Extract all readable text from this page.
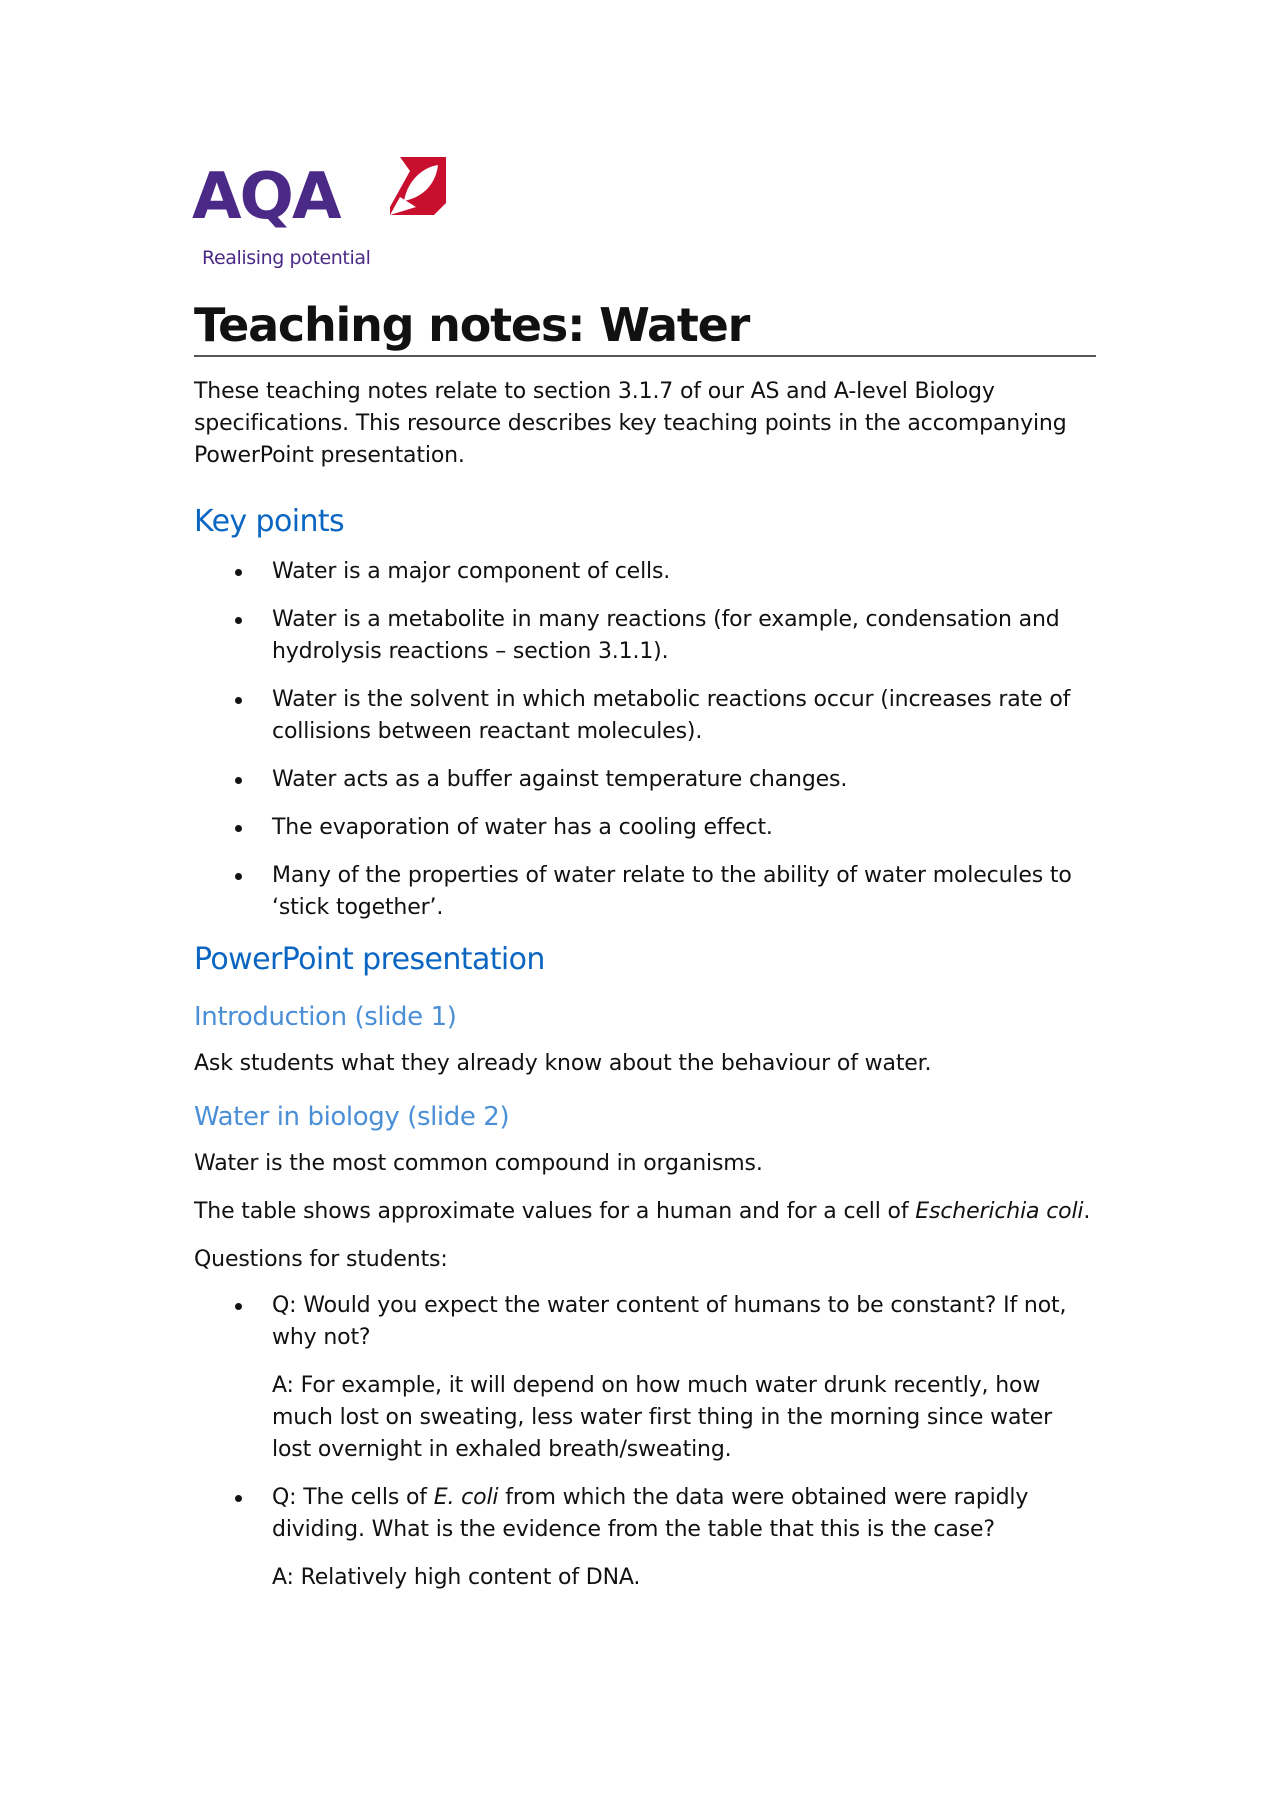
AQA
Realising potential
Teaching notes: Water

These teaching notes relate to section 3.1.7 of our AS and A-level Biology specifications. This resource describes key teaching points in the accompanying PowerPoint presentation.

Key points
Water is a major component of cells.
Water is a metabolite in many reactions (for example, condensation and hydrolysis reactions – section 3.1.1).
Water is the solvent in which metabolic reactions occur (increases rate of collisions between reactant molecules).
Water acts as a buffer against temperature changes.
The evaporation of water has a cooling effect.
Many of the properties of water relate to the ability of water molecules to ‘stick together’.
PowerPoint presentation
Introduction (slide 1)

Ask students what they already know about the behaviour of water.

Water in biology (slide 2)

Water is the most common compound in organisms.

The table shows approximate values for a human and for a cell of Escherichia coli.

Questions for students:

Q: Would you expect the water content of humans to be constant? If not, why not?
A: For example, it will depend on how much water drunk recently, how much lost on sweating, less water first thing in the morning since water lost overnight in exhaled breath/sweating.
Q: The cells of E. coli from which the data were obtained were rapidly dividing. What is the evidence from the table that this is the case?
A: Relatively high content of DNA.
